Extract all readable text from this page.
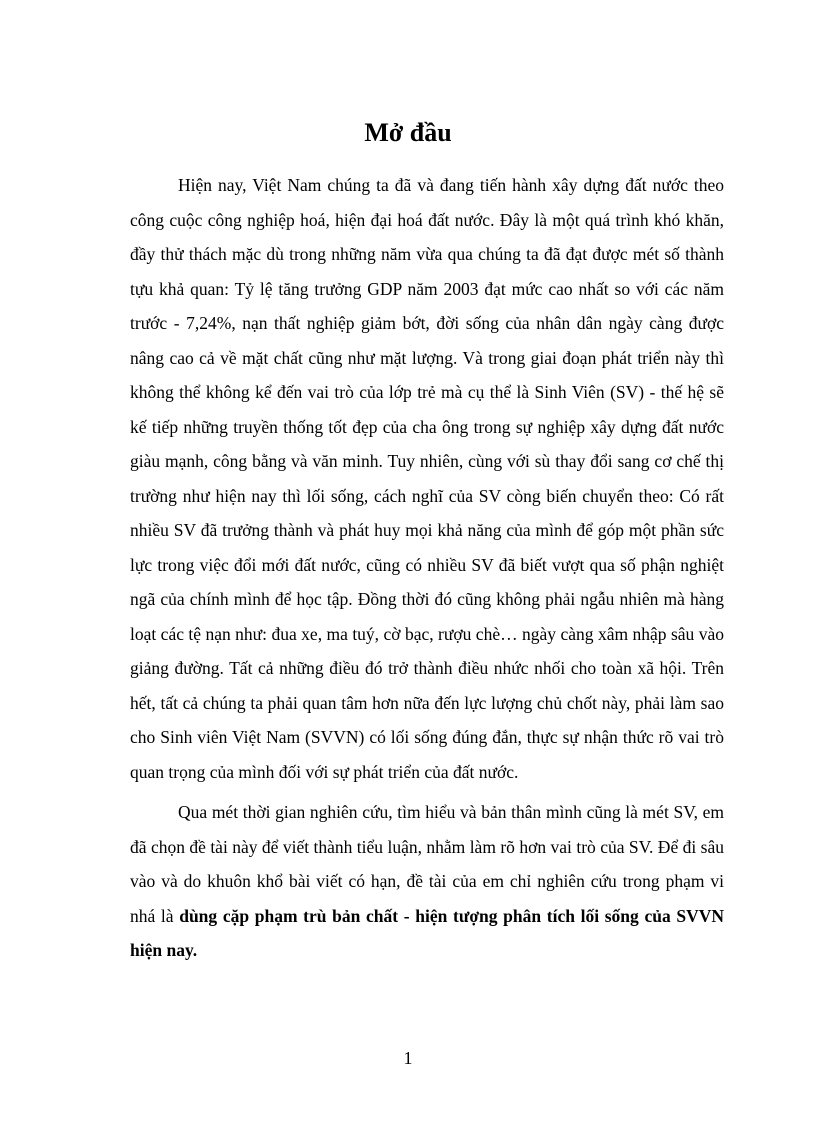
Mở đầu

Hiện nay, Việt Nam chúng ta đã và đang tiến hành xây dựng đất nước theo công cuộc công nghiệp hoá, hiện đại hoá đất nước. Đây là một quá trình khó khăn, đầy thử thách mặc dù trong những năm vừa qua chúng ta đã đạt được mét số thành tựu khả quan: Tỷ lệ tăng trưởng GDP năm 2003 đạt mức cao nhất so với các năm trước - 7,24%, nạn thất nghiệp giảm bớt, đời sống của nhân dân ngày càng được nâng cao cả về mặt chất cũng như mặt lượng. Và trong giai đoạn phát triển này thì không thể không kể đến vai trò của lớp trẻ mà cụ thể là Sinh Viên (SV) - thế hệ sẽ kế tiếp những truyền thống tốt đẹp của cha ông trong sự nghiệp xây dựng đất nước giàu mạnh, công bằng và văn minh. Tuy nhiên, cùng với sù thay đổi sang cơ chế thị trường như hiện nay thì lối sống, cách nghĩ của SV còng biến chuyển theo: Có rất nhiều SV đã trưởng thành và phát huy mọi khả năng của mình để góp một phần sức lực trong việc đổi mới đất nước, cũng có nhiều SV đã biết vượt qua số phận nghiệt ngã của chính mình để học tập. Đồng thời đó cũng không phải ngẫu nhiên mà hàng loạt các tệ nạn như: đua xe, ma tuý, cờ bạc, rượu chè… ngày càng xâm nhập sâu vào giảng đường. Tất cả những điều đó trở thành điều nhức nhối cho toàn xã hội. Trên hết, tất cả chúng ta phải quan tâm hơn nữa đến lực lượng chủ chốt này, phải làm sao cho Sinh viên Việt Nam (SVVN) có lối sống đúng đắn, thực sự nhận thức rõ vai trò quan trọng của mình đối với sự phát triển của đất nước.

Qua mét thời gian nghiên cứu, tìm hiểu và bản thân mình cũng là mét SV, em đã chọn đề tài này để viết thành tiểu luận, nhằm làm rõ hơn vai trò của SV. Để đi sâu vào và do khuôn khổ bài viết có hạn, đề tài của em chỉ nghiên cứu trong phạm vi nhá là dùng cặp phạm trù bản chất - hiện tượng phân tích lối sống của SVVN hiện nay.

1
